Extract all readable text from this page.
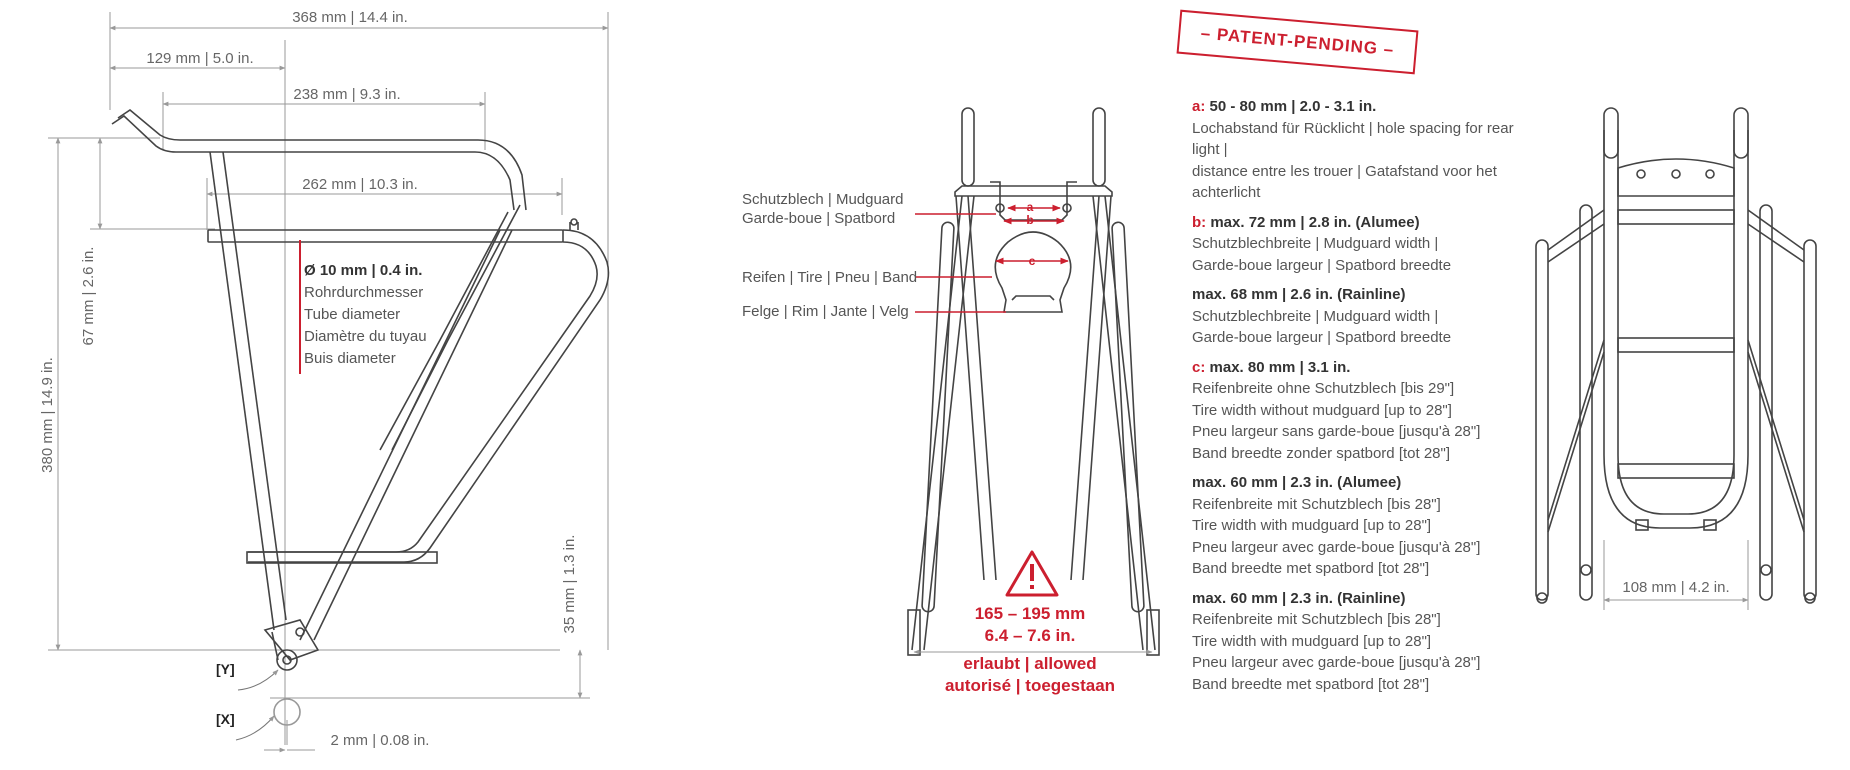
368 mm | 14.4 in.
129 mm | 5.0 in.
238 mm | 9.3 in.
262 mm | 10.3 in.
380 mm | 14.9 in.
67 mm | 2.6 in.
35 mm | 1.3 in.
2 mm | 0.08 in.
[Y]
[X]
a
b
c
Schutzblech | Mudguard
Garde-boue | Spatbord
Reifen | Tire | Pneu | Band
Felge | Rim | Jante | Velg
108 mm | 4.2 in.
Ø 10 mm | 0.4 in.
Rohrdurchmesser
Tube diameter
Diamètre du tuyau
Buis diameter
165 – 195 mm
6.4 – 7.6 in.
erlaubt | allowed
autorisé | toegestaan
– PATENT-PENDING –
a: 50 - 80 mm | 2.0 - 3.1 in.
Lochabstand für Rücklicht | hole spacing for rear light |
distance entre les trouer | Gatafstand voor het achterlicht
b: max. 72 mm | 2.8 in. (Alumee)
Schutzblechbreite | Mudguard width |
Garde-boue largeur | Spatbord breedte
max. 68 mm | 2.6 in. (Rainline)
Schutzblechbreite | Mudguard width |
Garde-boue largeur | Spatbord breedte
c: max. 80 mm | 3.1 in.
Reifenbreite ohne Schutzblech [bis 29"]
Tire width without mudguard [up to 28"]
Pneu largeur sans garde-boue [jusqu'à 28"]
Band breedte zonder spatbord [tot 28"]
max. 60 mm | 2.3 in. (Alumee)
Reifenbreite mit Schutzblech [bis 28"]
Tire width with mudguard [up to 28"]
Pneu largeur avec garde-boue [jusqu'à 28"]
Band breedte met spatbord [tot 28"]
max. 60 mm | 2.3 in. (Rainline)
Reifenbreite mit Schutzblech [bis 28"]
Tire width with mudguard [up to 28"]
Pneu largeur avec garde-boue [jusqu'à 28"]
Band breedte met spatbord [tot 28"]
